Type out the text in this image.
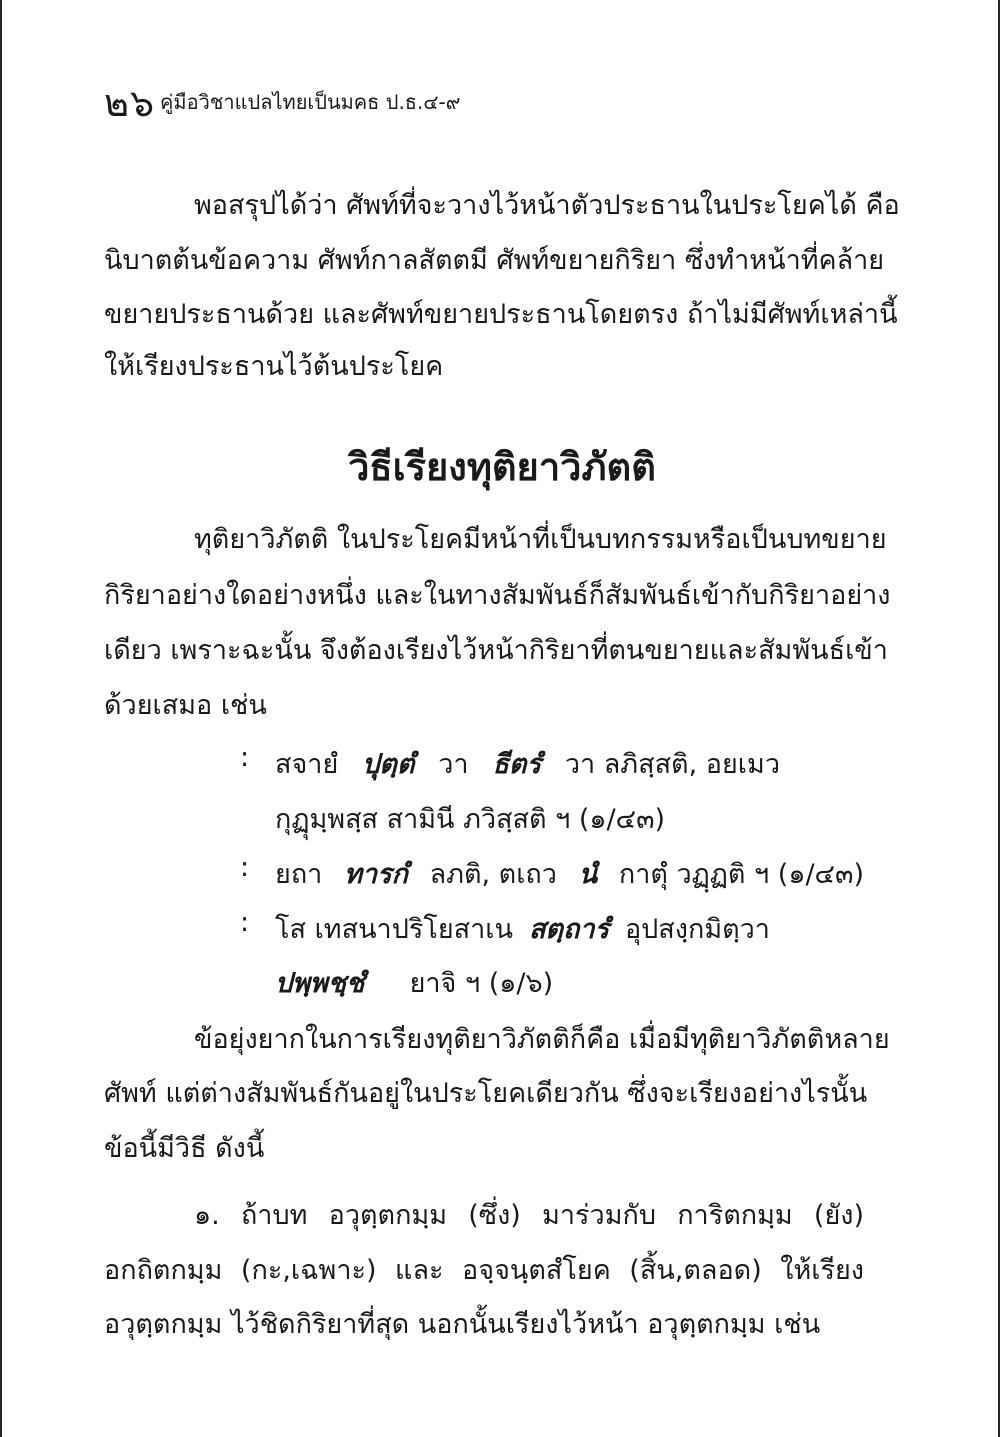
๒๖ คู่มือวิชาแปลไทยเป็นมคธ ป.ธ.๔-๙
พอสรุปได้ว่า ศัพท์ที่จะวางไว้หน้าตัวประธานในประโยคได้ คือ
นิบาตต้นข้อความ ศัพท์กาลสัตตมี ศัพท์ขยายกิริยา ซึ่งทำหน้าที่คล้าย
ขยายประธานด้วย และศัพท์ขยายประธานโดยตรง ถ้าไม่มีศัพท์เหล่านี้
ให้เรียงประธานไว้ต้นประโยค
วิธีเรียงทุติยาวิภัตติ
ทุติยาวิภัตติ ในประโยคมีหน้าที่เป็นบทกรรมหรือเป็นบทขยาย
กิริยาอย่างใดอย่างหนึ่ง และในทางสัมพันธ์ก็สัมพันธ์เข้ากับกิริยาอย่าง
เดียว เพราะฉะนั้น จึงต้องเรียงไว้หน้ากิริยาที่ตนขยายและสัมพันธ์เข้า
ด้วยเสมอ เช่น
: สจายํ ปุตฺตํ วา ธีตรํ วา ลภิสฺสติ, อยเมว
กุฏุมฺพสฺส สามินี ภวิสฺสติ ฯ (๑/๔๓)
: ยถา ทารกํ ลภติ, ตเถว นํ กาตุํ วฏฺฏติ ฯ (๑/๔๓)
: โส เทสนาปริโยสาเน สตฺถารํ อุปสงฺกมิตฺวา
ปพฺพชฺชํ ยาจิ ฯ (๑/๖)
ข้อยุ่งยากในการเรียงทุติยาวิภัตติก็คือ เมื่อมีทุติยาวิภัตติหลาย
ศัพท์ แต่ต่างสัมพันธ์กันอยู่ในประโยคเดียวกัน ซึ่งจะเรียงอย่างไรนั้น
ข้อนี้มีวิธี ดังนี้
๑. ถ้าบท อวุตฺตกมฺม (ซึ่ง) มาร่วมกับ การิตกมฺม (ยัง)
อกถิตกมฺม (กะ,เฉพาะ) และ อจฺจนฺตสํโยค (สิ้น,ตลอด) ให้เรียง
อวุตฺตกมฺม ไว้ชิดกิริยาที่สุด นอกนั้นเรียงไว้หน้า อวุตฺตกมฺม เช่น
